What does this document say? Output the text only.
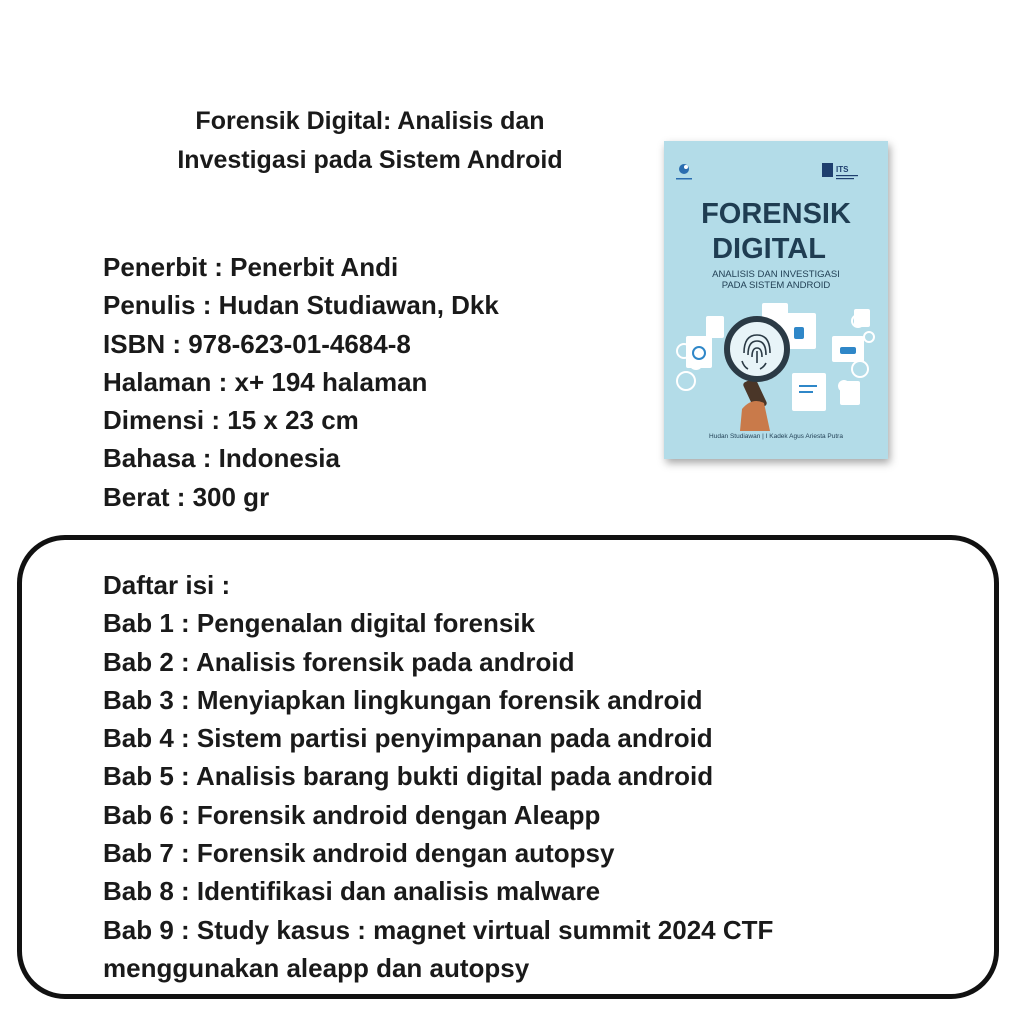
Forensik Digital: Analisis dan
Investigasi pada Sistem Android
Penerbit : Penerbit Andi
Penulis : Hudan Studiawan, Dkk
ISBN : 978-623-01-4684-8
Halaman : x+ 194 halaman
Dimensi : 15 x 23 cm
Bahasa : Indonesia
Berat : 300 gr
ITS
FORENSIK
DIGITAL
ANALISIS DAN INVESTIGASI
PADA SISTEM ANDROID
Hudan Studiawan | I Kadek Agus Ariesta Putra
Daftar isi :
Bab 1 : Pengenalan digital forensik
Bab 2 : Analisis forensik pada android
Bab 3 : Menyiapkan lingkungan forensik android
Bab 4 : Sistem partisi penyimpanan pada android
Bab 5 : Analisis barang bukti digital pada android
Bab 6 : Forensik android dengan Aleapp
Bab 7 : Forensik android dengan autopsy
Bab 8 : Identifikasi dan analisis malware
Bab 9 : Study kasus : magnet virtual summit 2024 CTF
menggunakan aleapp dan autopsy
